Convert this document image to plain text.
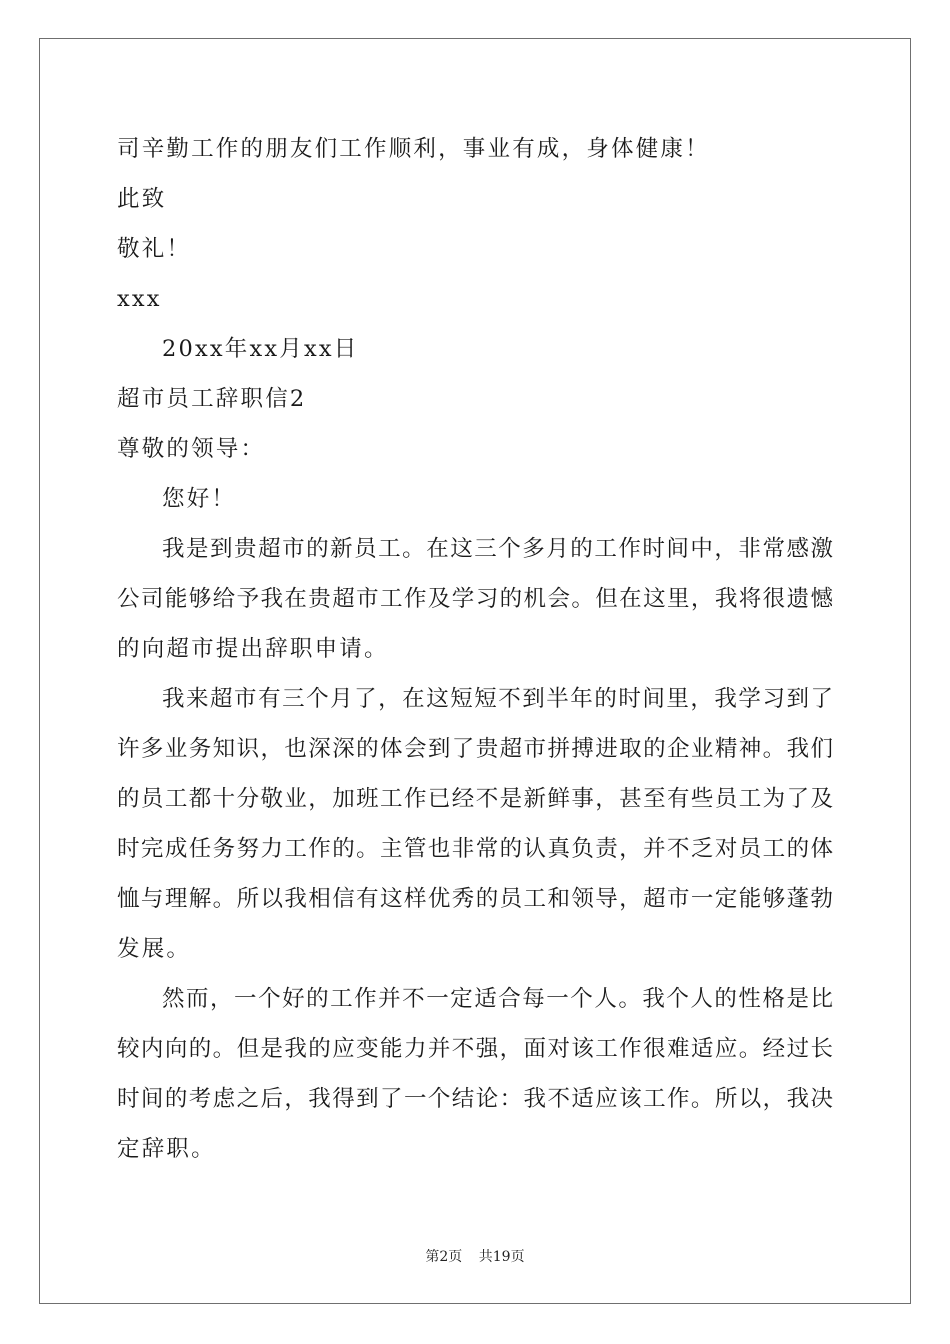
司辛勤工作的朋友们工作顺利，事业有成，身体健康！
此致
敬礼！
xxx
20xx年xx月xx日
超市员工辞职信2
尊敬的领导：
您好！
我是到贵超市的新员工。在这三个多月的工作时间中，非常感激
公司能够给予我在贵超市工作及学习的机会。但在这里，我将很遗憾
的向超市提出辞职申请。
我来超市有三个月了，在这短短不到半年的时间里，我学习到了
许多业务知识，也深深的体会到了贵超市拼搏进取的企业精神。我们
的员工都十分敬业，加班工作已经不是新鲜事，甚至有些员工为了及
时完成任务努力工作的。主管也非常的认真负责，并不乏对员工的体
恤与理解。所以我相信有这样优秀的员工和领导，超市一定能够蓬勃
发展。
然而，一个好的工作并不一定适合每一个人。我个人的性格是比
较内向的。但是我的应变能力并不强，面对该工作很难适应。经过长
时间的考虑之后，我得到了一个结论：我不适应该工作。所以，我决
定辞职。
第2页 共19页
